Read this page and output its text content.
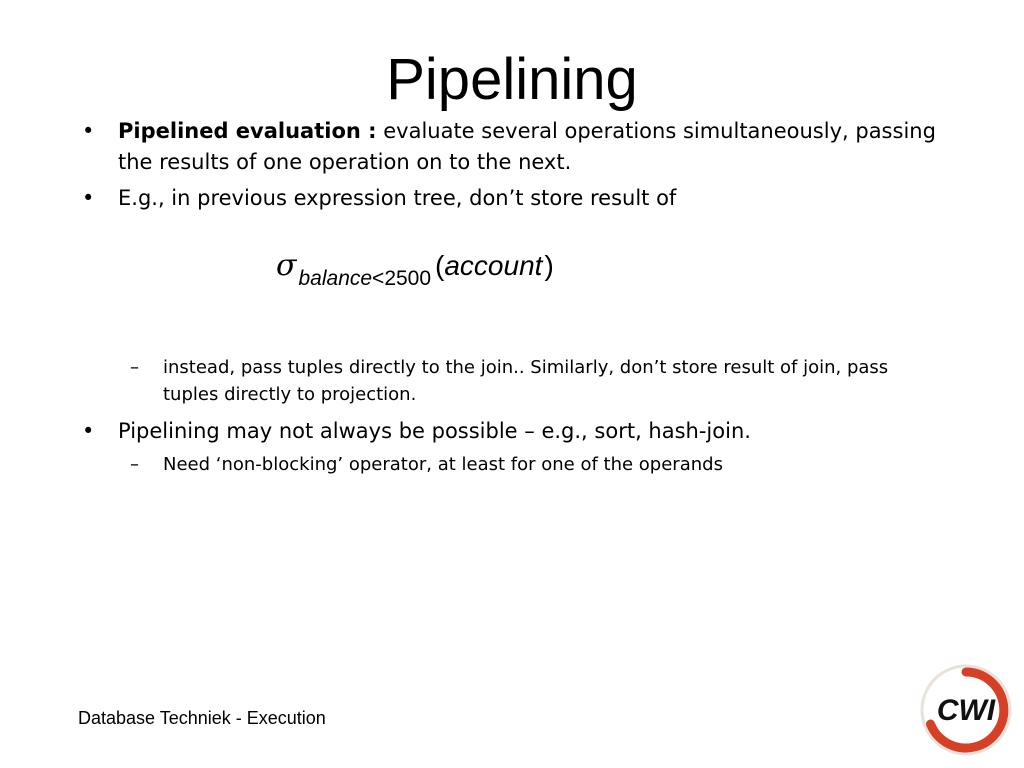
Pipelining
•	Pipelined evaluation : evaluate several operations simultaneously, passing the results of one operation on to the next.
•	E.g., in previous expression tree, don’t store result of
σbalance<2500 (account)
–	instead, pass tuples directly to the join.. Similarly, don’t store result of join, pass tuples directly to projection.
•	Pipelining may not always be possible – e.g., sort, hash-join.
–	Need ‘non-blocking’ operator, at least for one of the operands
Database Techniek - Execution	CWI
